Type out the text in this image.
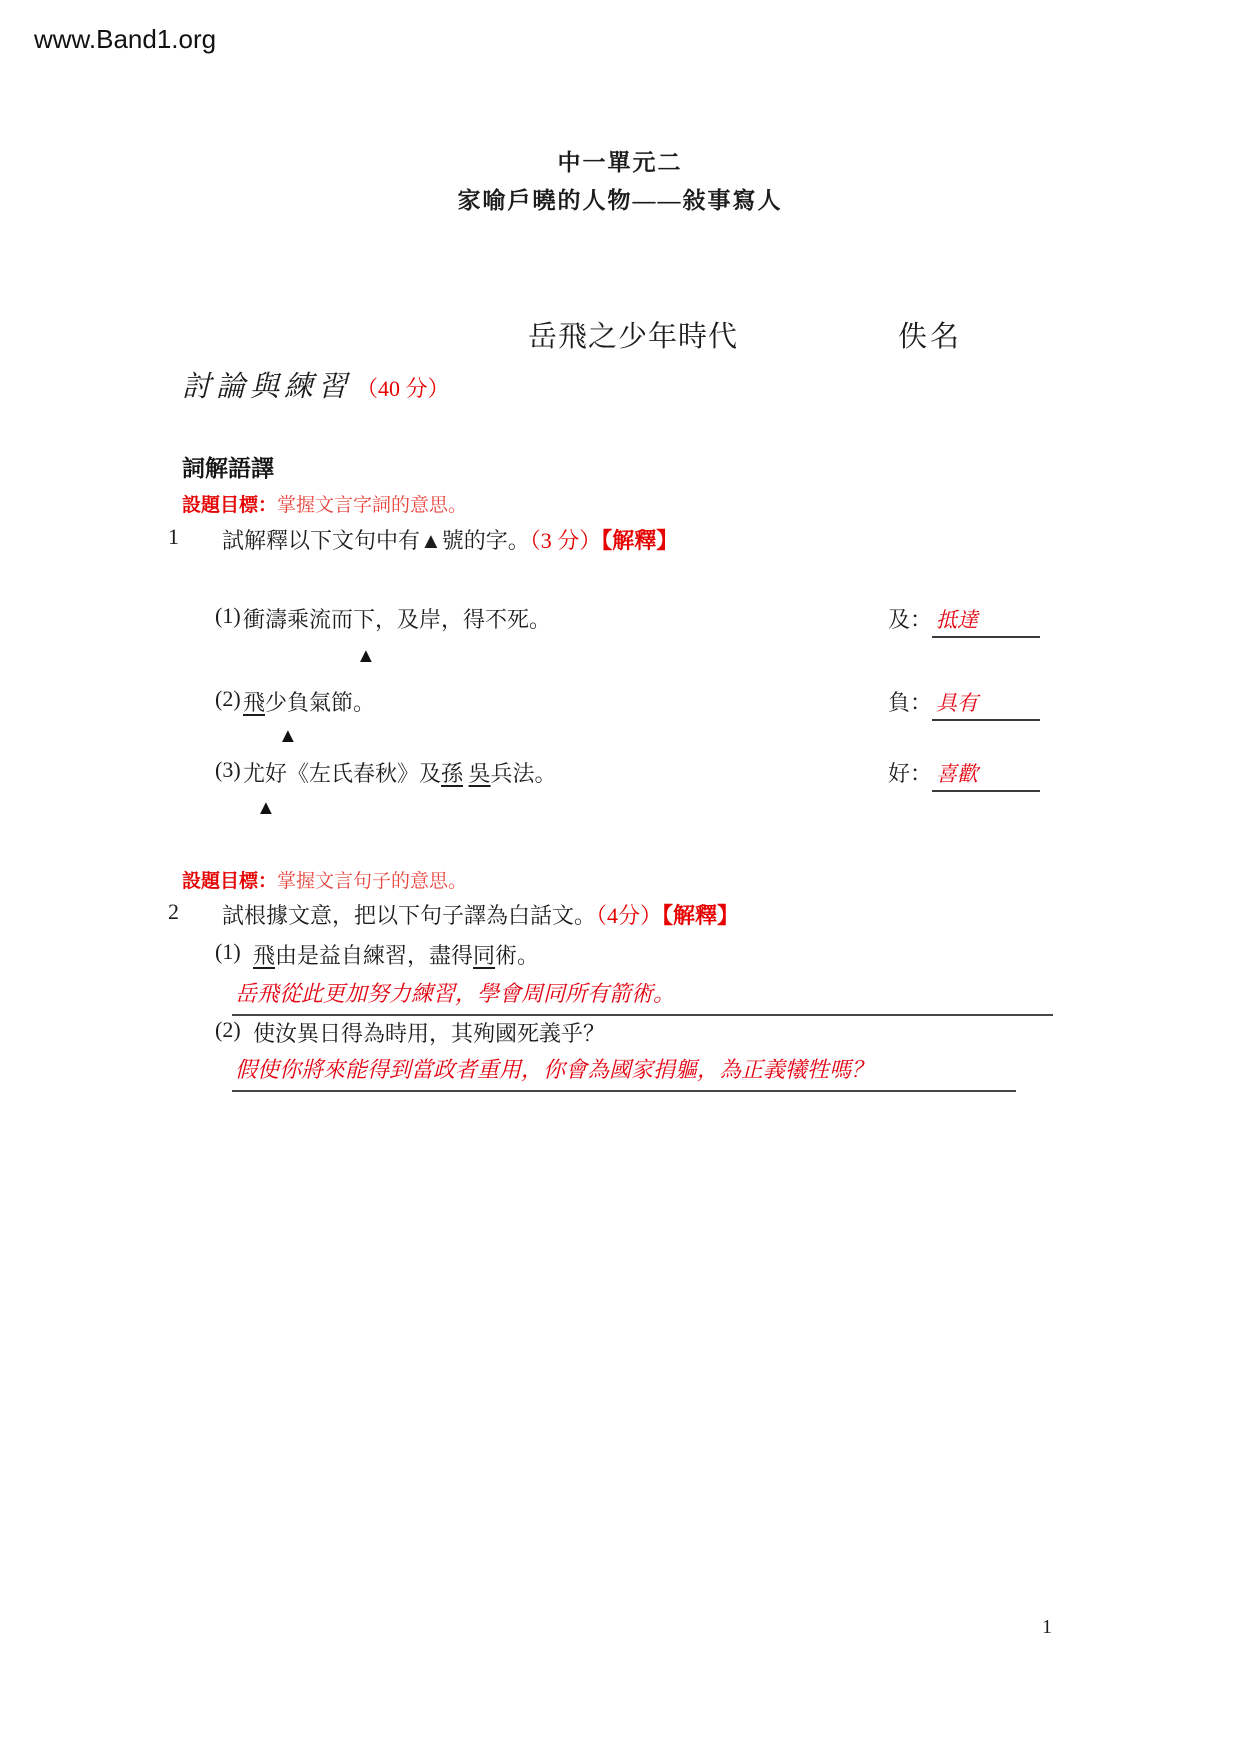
www.Band1.org
中一單元二
家喻戶曉的人物——敍事寫人
岳飛之少年時代	佚名
討論與練習 （40 分）
詞解語譯
設題目標：掌握文言字詞的意思。
1 試解釋以下文句中有▲號的字。（3 分）【解釋】
(1) 衝濤乘流而下，及岸，得不死。	及： 抵達
▲
(2) 飛少負氣節。	負： 具有
▲
(3) 尤好《左氏春秋》及孫 吳兵法。	好： 喜歡
▲
設題目標：掌握文言句子的意思。
2 試根據文意，把以下句子譯為白話文。（4分）【解釋】
(1) 飛由是益自練習，盡得同術。
岳飛從此更加努力練習，學會周同所有箭術。
(2) 使汝異日得為時用，其殉國死義乎？
假使你將來能得到當政者重用，你會為國家捐軀，為正義犧牲嗎？
1
